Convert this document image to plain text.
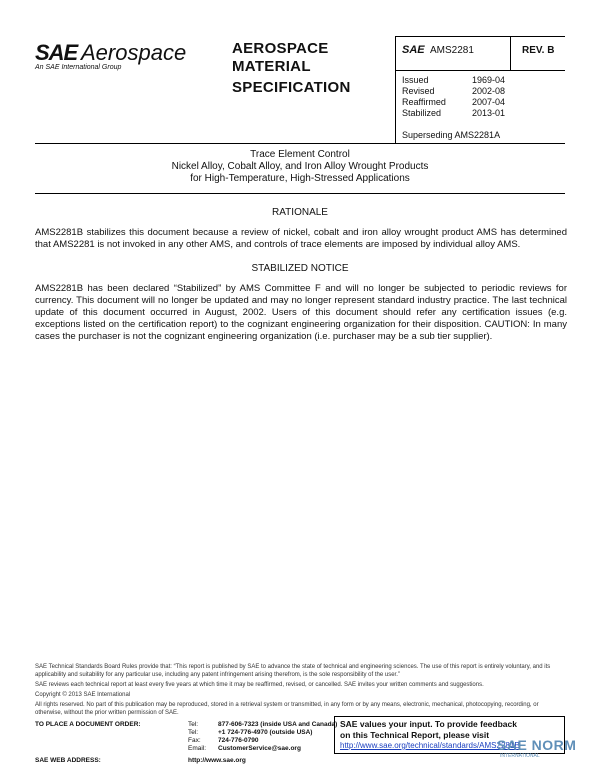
SAE Aerospace
An SAE International Group
AEROSPACE
MATERIAL
SPECIFICATION
SAE AMS2281	REV. B
Issued	1969-04
Revised	2002-08
Reaffirmed	2007-04
Stabilized	2013-01
Superseding AMS2281A
Trace Element Control
Nickel Alloy, Cobalt Alloy, and Iron Alloy Wrought Products
for High-Temperature, High-Stressed Applications
RATIONALE

AMS2281B stabilizes this document because a review of nickel, cobalt and iron alloy wrought product AMS has determined that AMS2281 is not invoked in any other AMS, and controls of trace elements are imposed by individual alloy AMS.

STABILIZED NOTICE

AMS2281B has been declared “Stabilized” by AMS Committee F and will no longer be subjected to periodic reviews for currency. This document will no longer be updated and may no longer represent standard industry practice. The last technical update of this document occurred in August, 2002. Users of this document should refer any certification issues (e.g. exceptions listed on the certification report) to the cognizant engineering organization for their disposition. CAUTION: In many cases the purchaser is not the cognizant engineering organization (i.e. purchaser may be a sub tier supplier).

SAE Technical Standards Board Rules provide that: “This report is published by SAE to advance the state of technical and engineering sciences. The use of this report is entirely voluntary, and its applicability and suitability for any particular use, including any patent infringement arising therefrom, is the sole responsibility of the user.”

SAE reviews each technical report at least every five years at which time it may be reaffirmed, revised, or cancelled. SAE invites your written comments and suggestions.

Copyright © 2013 SAE International

All rights reserved. No part of this publication may be reproduced, stored in a retrieval system or transmitted, in any form or by any means, electronic, mechanical, photocopying, recording, or otherwise, without the prior written permission of SAE.

TO PLACE A DOCUMENT ORDER:	Tel:	877-606-7323 (inside USA and Canada)
Tel:	+1 724-776-4970 (outside USA)
Fax:	724-776-0790
Email: CustomerService@sae.org
SAE WEB ADDRESS:	http://www.sae.org
SAE values your input. To provide feedback
on this Technical Report, please visit
http://www.sae.org/technical/standards/AMS2281B
SAE NORM
INTERNATIONAL
